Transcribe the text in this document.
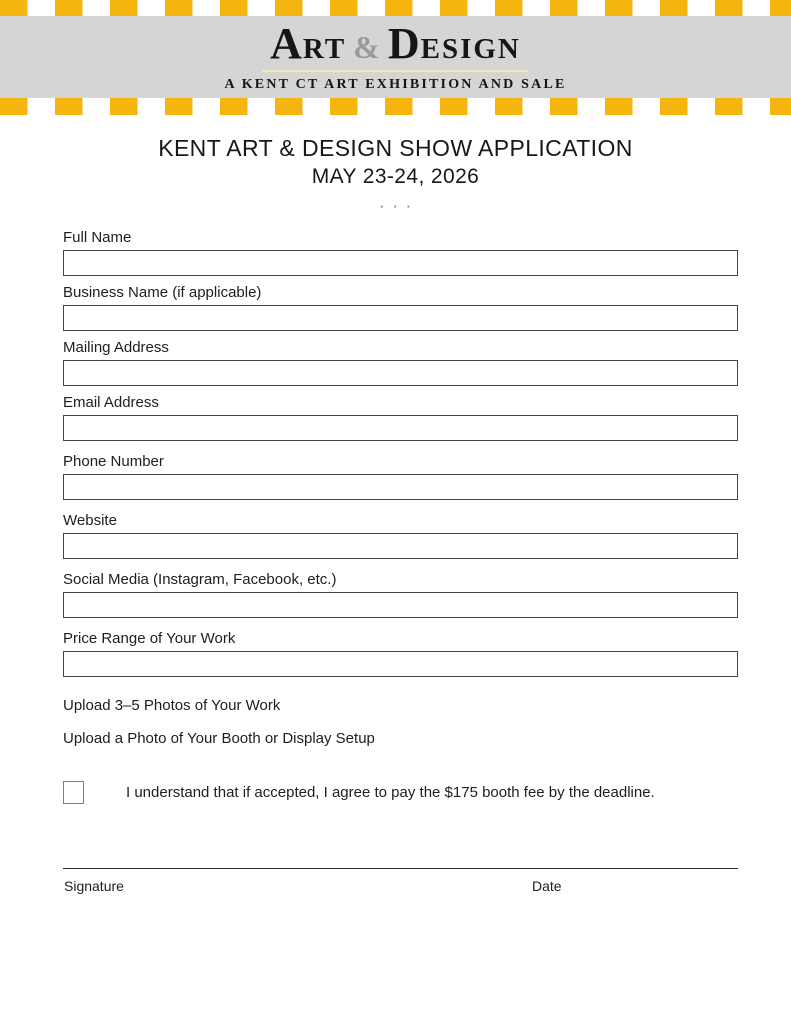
ART & DESIGN
A KENT CT ART EXHIBITION AND SALE
KENT ART & DESIGN SHOW APPLICATION
MAY 23-24, 2026
···
Full Name
Business Name (if applicable)
Mailing Address
Email Address
Phone Number
Website
Social Media (Instagram, Facebook, etc.)
Price Range of Your Work
Upload 3–5 Photos of Your Work
Upload a Photo of Your Booth or Display Setup
I understand that if accepted, I agree to pay the $175 booth fee by the deadline.
Signature	Date
